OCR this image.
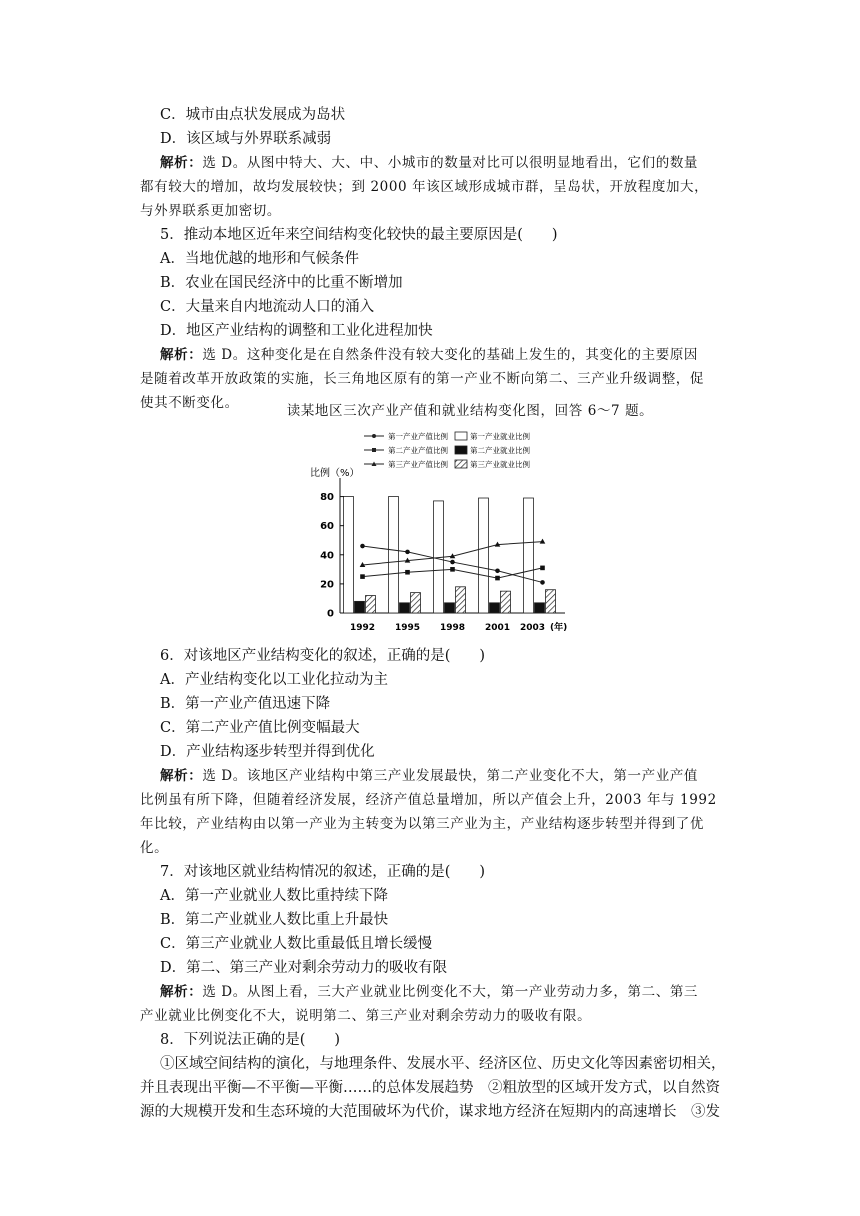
C．城市由点状发展成为岛状
D．该区域与外界联系减弱
解析：选 D。从图中特大、大、中、小城市的数量对比可以很明显地看出，它们的数量
都有较大的增加，故均发展较快；到 2000 年该区域形成城市群，呈岛状，开放程度加大，
与外界联系更加密切。
5．推动本地区近年来空间结构变化较快的最主要原因是(　　)
A．当地优越的地形和气候条件
B．农业在国民经济中的比重不断增加
C．大量来自内地流动人口的涌入
D．地区产业结构的调整和工业化进程加快
解析：选 D。这种变化是在自然条件没有较大变化的基础上发生的，其变化的主要原因
是随着改革开放政策的实施，长三角地区原有的第一产业不断向第二、三产业升级调整，促
使其不断变化。	读某地区三次产业产值和就业结构变化图，回答 6～7 题。
第一产业产值比例
第二产业产值比例
第三产业产值比例
第一产业就业比例
第二产业就业比例
第三产业就业比例
比例（%）
(年)
0
20
40
60
80
1992 1995 1998 2001 2003
6．对该地区产业结构变化的叙述，正确的是(　　)
A．产业结构变化以工业化拉动为主
B．第一产业产值迅速下降
C．第二产业产值比例变幅最大
D．产业结构逐步转型并得到优化
解析：选 D。该地区产业结构中第三产业发展最快，第二产业变化不大，第一产业产值
比例虽有所下降，但随着经济发展，经济产值总量增加，所以产值会上升，2003 年与 1992
年比较，产业结构由以第一产业为主转变为以第三产业为主，产业结构逐步转型并得到了优
化。
7．对该地区就业结构情况的叙述，正确的是(　　)
A．第一产业就业人数比重持续下降
B．第二产业就业人数比重上升最快
C．第三产业就业人数比重最低且增长缓慢
D．第二、第三产业对剩余劳动力的吸收有限
解析：选 D。从图上看，三大产业就业比例变化不大，第一产业劳动力多，第二、第三
产业就业比例变化不大，说明第二、第三产业对剩余劳动力的吸收有限。
8．下列说法正确的是(　　)
①区域空间结构的演化，与地理条件、发展水平、经济区位、历史文化等因素密切相关，
并且表现出平衡—不平衡—平衡……的总体发展趋势　②粗放型的区域开发方式，以自然资
源的大规模开发和生态环境的大范围破坏为代价，谋求地方经济在短期内的高速增长　③发
